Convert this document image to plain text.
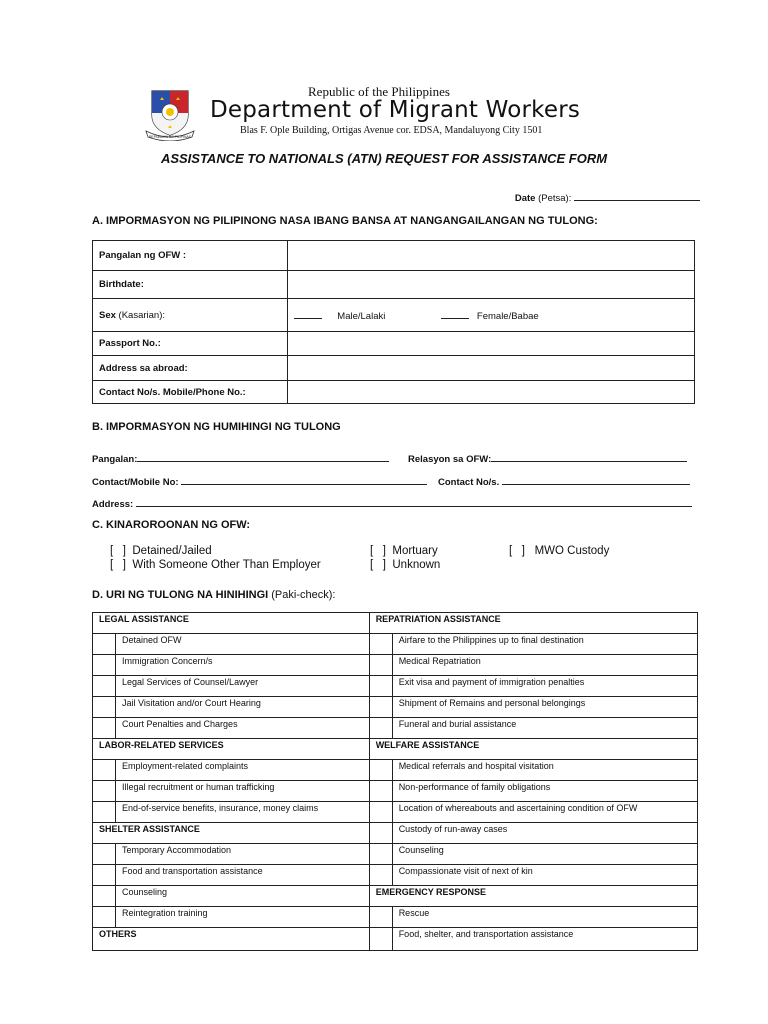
REPUBLIKA NG PILIPINAS
Republic of the Philippines
Department of Migrant Workers
Blas F. Ople Building, Ortigas Avenue cor. EDSA, Mandaluyong City 1501
ASSISTANCE TO NATIONALS (ATN) REQUEST FOR ASSISTANCE FORM
Date (Petsa):
A. IMPORMASYON NG PILIPINONG NASA IBANG BANSA AT NANGANGAILANGAN NG TULONG:
Pangalan ng OFW :	
Birthdate:	
Sex (Kasarian):	Male/Lalaki Female/Babae
Passport No.:	
Address sa abroad:	
Contact No/s. Mobile/Phone No.:	
B. IMPORMASYON NG HUMIHINGI NG TULONG
Pangalan:	Relasyon sa OFW:
Contact/Mobile No:	Contact No/s.
Address:
C. KINAROROONAN NG OFW:
[   ]  Detained/Jailed
[   ]  With Someone Other Than Employer
[   ]  Mortuary
[   ]  Unknown
[   ]   MWO Custody
D. URI NG TULONG NA HINIHINGI (Paki-check):
LEGAL ASSISTANCE		REPATRIATION ASSISTANCE	
	Detained OFW		Airfare to the Philippines up to final destination
	Immigration Concern/s		Medical Repatriation
	Legal Services of Counsel/Lawyer		Exit visa and payment of immigration penalties
	Jail Visitation and/or Court Hearing		Shipment of Remains and personal belongings
	Court Penalties and Charges		Funeral and burial assistance
LABOR-RELATED SERVICES		WELFARE ASSISTANCE	
	Employment-related complaints		Medical referrals and hospital visitation
	Illegal recruitment or human trafficking		Non-performance of family obligations
	End-of-service benefits, insurance, money claims		Location of whereabouts and ascertaining condition of OFW
SHELTER ASSISTANCE			Custody of run-away cases
	Temporary Accommodation		Counseling
	Food and transportation assistance		Compassionate visit of next of kin
	Counseling	EMERGENCY RESPONSE	
	Reintegration training		Rescue
OTHERS			Food, shelter, and transportation assistance
